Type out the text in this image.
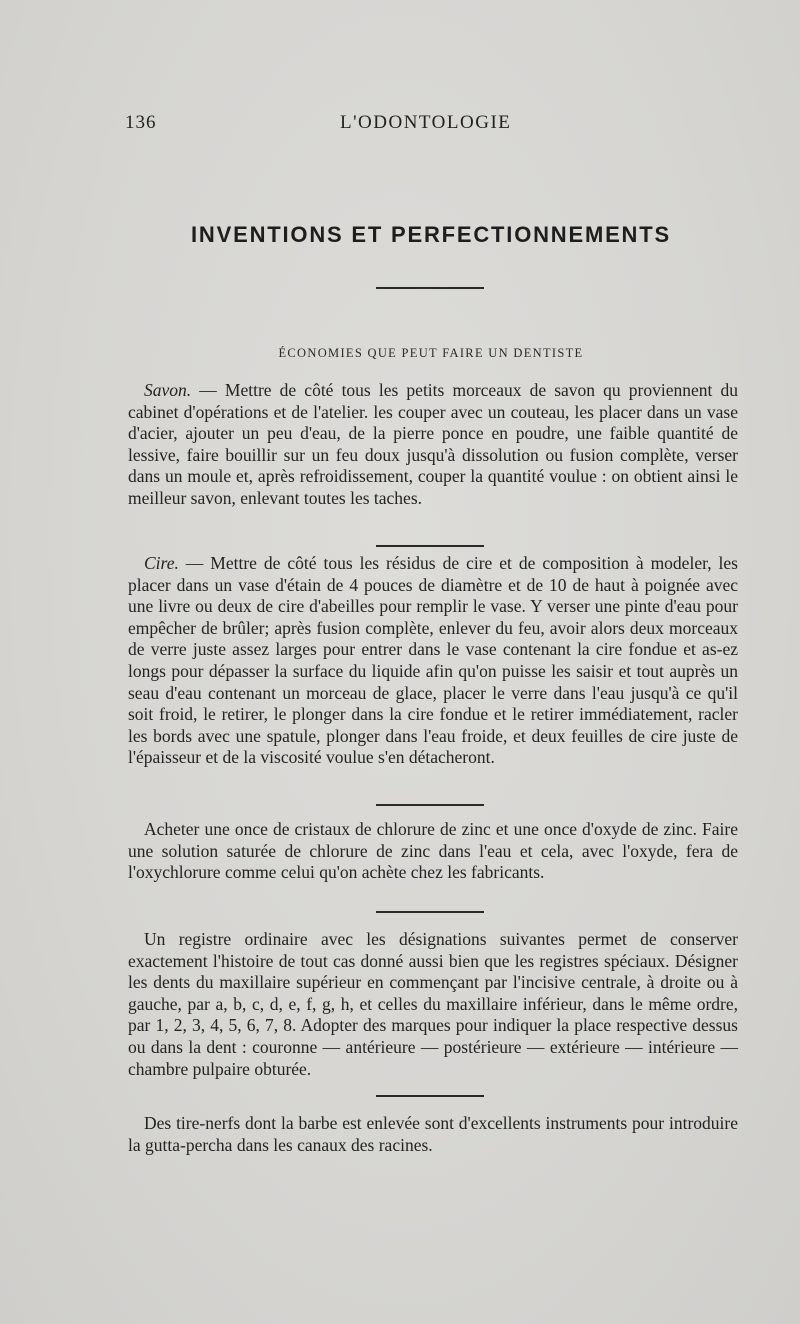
136	L'ODONTOLOGIE
INVENTIONS ET PERFECTIONNEMENTS
ÉCONOMIES QUE PEUT FAIRE UN DENTISTE

Savon. — Mettre de côté tous les petits morceaux de savon qu proviennent du cabinet d'opérations et de l'atelier. les couper avec un couteau, les placer dans un vase d'acier, ajouter un peu d'eau, de la pierre ponce en poudre, une faible quantité de lessive, faire bouillir sur un feu doux jusqu'à dissolution ou fusion complète, verser dans un moule et, après refroidissement, couper la quantité voulue : on obtient ainsi le meilleur savon, enlevant toutes les taches.

Cire. — Mettre de côté tous les résidus de cire et de composition à modeler, les placer dans un vase d'étain de 4 pouces de diamètre et de 10 de haut à poignée avec une livre ou deux de cire d'abeilles pour remplir le vase. Y verser une pinte d'eau pour empêcher de brûler; après fusion complète, enlever du feu, avoir alors deux morceaux de verre juste assez larges pour entrer dans le vase contenant la cire fondue et as-ez longs pour dépasser la surface du liquide afin qu'on puisse les saisir et tout auprès un seau d'eau contenant un morceau de glace, placer le verre dans l'eau jusqu'à ce qu'il soit froid, le retirer, le plonger dans la cire fondue et le retirer immédiatement, racler les bords avec une spatule, plonger dans l'eau froide, et deux feuilles de cire juste de l'épaisseur et de la viscosité voulue s'en détacheront.

Acheter une once de cristaux de chlorure de zinc et une once d'oxyde de zinc. Faire une solution saturée de chlorure de zinc dans l'eau et cela, avec l'oxyde, fera de l'oxychlorure comme celui qu'on achète chez les fabricants.

Un registre ordinaire avec les désignations suivantes permet de conserver exactement l'histoire de tout cas donné aussi bien que les registres spéciaux. Désigner les dents du maxillaire supérieur en commençant par l'incisive centrale, à droite ou à gauche, par a, b, c, d, e, f, g, h, et celles du maxillaire inférieur, dans le même ordre, par 1, 2, 3, 4, 5, 6, 7, 8. Adopter des marques pour indiquer la place respective dessus ou dans la dent : couronne — antérieure — postérieure — extérieure — intérieure — chambre pulpaire obturée.

Des tire-nerfs dont la barbe est enlevée sont d'excellents instruments pour introduire la gutta-percha dans les canaux des racines.
